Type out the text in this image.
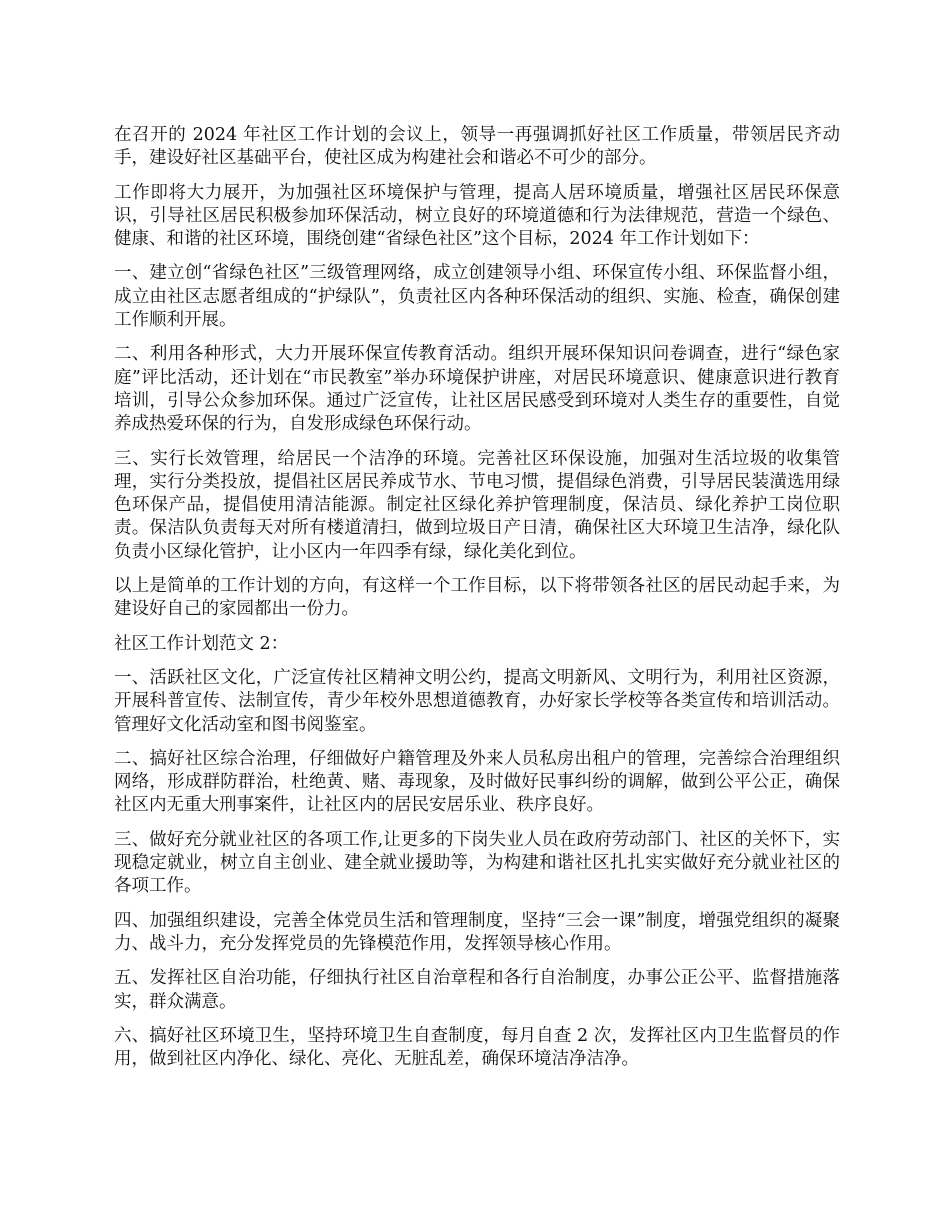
在召开的 2024 年社区工作计划的会议上，领导一再强调抓好社区工作质量，带领居民齐动手，建设好社区基础平台，使社区成为构建社会和谐必不可少的部分。

工作即将大力展开，为加强社区环境保护与管理，提高人居环境质量，增强社区居民环保意识，引导社区居民积极参加环保活动，树立良好的环境道德和行为法律规范，营造一个绿色、健康、和谐的社区环境，围绕创建“省绿色社区”这个目标，2024 年工作计划如下：

一、建立创“省绿色社区”三级管理网络，成立创建领导小组、环保宣传小组、环保监督小组，成立由社区志愿者组成的“护绿队”，负责社区内各种环保活动的组织、实施、检查，确保创建工作顺利开展。

二、利用各种形式，大力开展环保宣传教育活动。组织开展环保知识问卷调查，进行“绿色家庭”评比活动，还计划在“市民教室”举办环境保护讲座，对居民环境意识、健康意识进行教育培训，引导公众参加环保。通过广泛宣传，让社区居民感受到环境对人类生存的重要性，自觉养成热爱环保的行为，自发形成绿色环保行动。

三、实行长效管理，给居民一个洁净的环境。完善社区环保设施，加强对生活垃圾的收集管理，实行分类投放，提倡社区居民养成节水、节电习惯，提倡绿色消费，引导居民装潢选用绿色环保产品，提倡使用清洁能源。制定社区绿化养护管理制度，保洁员、绿化养护工岗位职责。保洁队负责每天对所有楼道清扫，做到垃圾日产日清，确保社区大环境卫生洁净，绿化队负责小区绿化管护，让小区内一年四季有绿，绿化美化到位。

以上是简单的工作计划的方向，有这样一个工作目标，以下将带领各社区的居民动起手来，为建设好自己的家园都出一份力。

社区工作计划范文 2：

一、活跃社区文化，广泛宣传社区精神文明公约，提高文明新风、文明行为，利用社区资源，开展科普宣传、法制宣传，青少年校外思想道德教育，办好家长学校等各类宣传和培训活动。管理好文化活动室和图书阅鉴室。

二、搞好社区综合治理，仔细做好户籍管理及外来人员私房出租户的管理，完善综合治理组织网络，形成群防群治，杜绝黄、赌、毒现象，及时做好民事纠纷的调解，做到公平公正，确保社区内无重大刑事案件，让社区内的居民安居乐业、秩序良好。

三、做好充分就业社区的各项工作,让更多的下岗失业人员在政府劳动部门、社区的关怀下，实现稳定就业，树立自主创业、建全就业援助等，为构建和谐社区扎扎实实做好充分就业社区的各项工作。

四、加强组织建设，完善全体党员生活和管理制度，坚持“三会一课”制度，增强党组织的凝聚力、战斗力，充分发挥党员的先锋模范作用，发挥领导核心作用。

五、发挥社区自治功能，仔细执行社区自治章程和各行自治制度，办事公正公平、监督措施落实，群众满意。

六、搞好社区环境卫生，坚持环境卫生自查制度，每月自查 2 次，发挥社区内卫生监督员的作用，做到社区内净化、绿化、亮化、无脏乱差，确保环境洁净洁净。
